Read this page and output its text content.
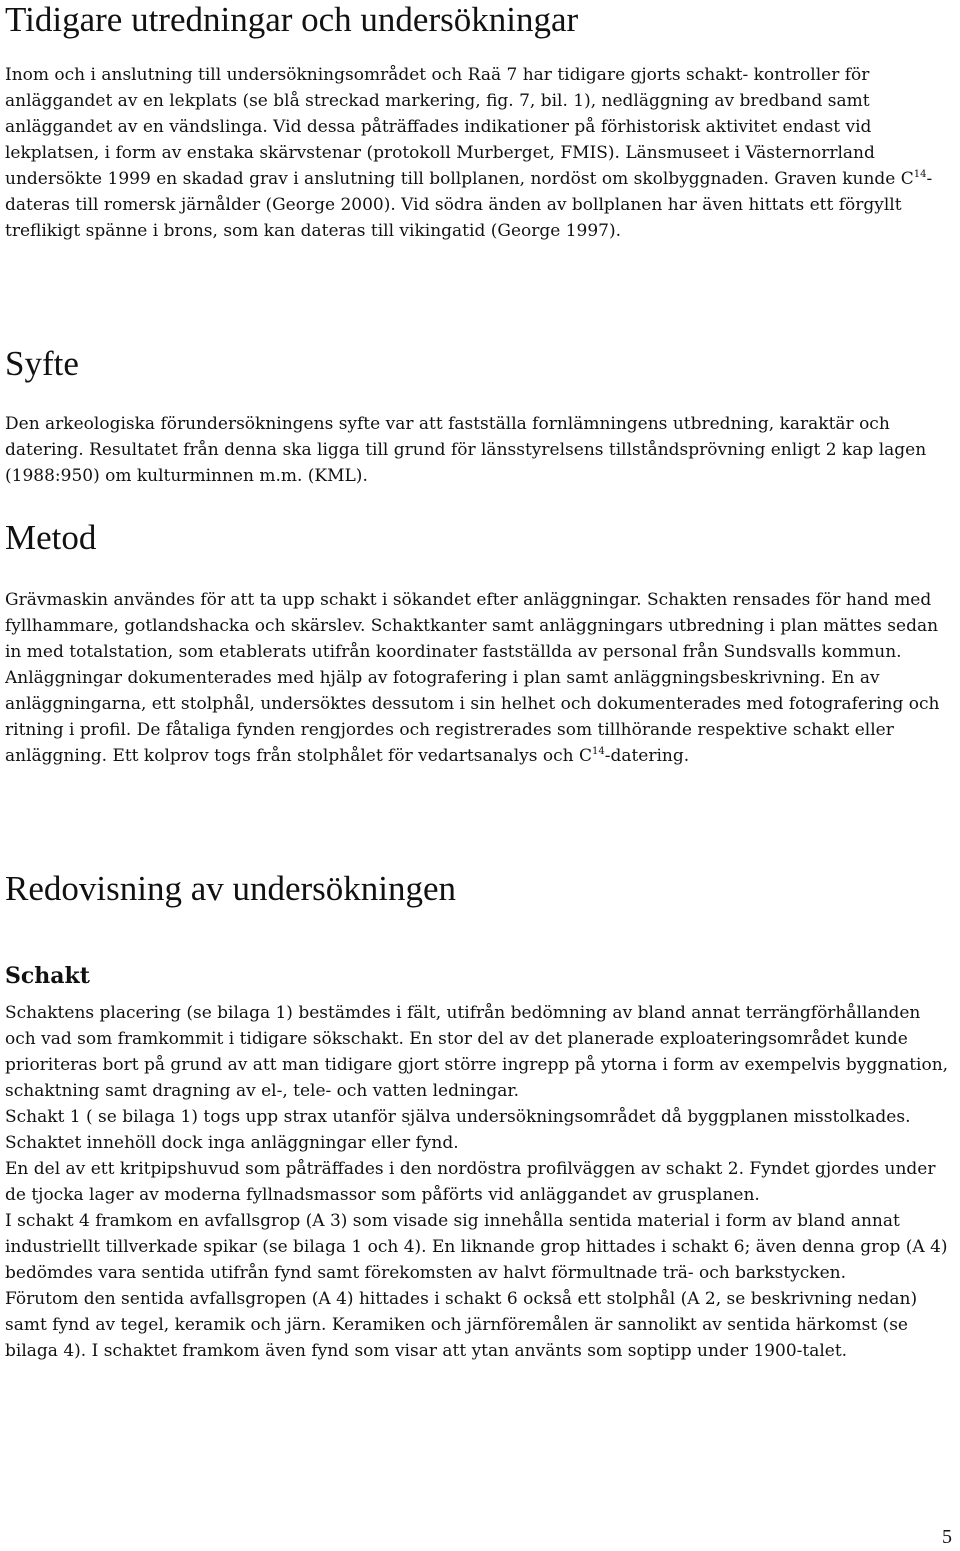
Tidigare utredningar och undersökningar

Inom och i anslutning till undersökningsområdet och Raä 7 har tidigare gjorts schakt- kontroller för anläggandet av en lekplats (se blå streckad markering, fig. 7, bil. 1), nedläggning av bredband samt anläggandet av en vändslinga. Vid dessa påträffades indikationer på förhistorisk aktivitet endast vid lekplatsen, i form av enstaka skärvstenar (protokoll Murberget, FMIS). Länsmuseet i Västernorrland undersökte 1999 en skadad grav i anslutning till bollplanen, nordöst om skolbyggnaden. Graven kunde $C^{14}$-dateras till romersk järnålder (George 2000). Vid södra änden av bollplanen har även hittats ett förgyllt treflikigt spänne i brons, som kan dateras till vikingatid (George 1997).

Syfte

Den arkeologiska förundersökningens syfte var att fastställa fornlämningens utbredning, karaktär och datering. Resultatet från denna ska ligga till grund för länsstyrelsens tillståndsprövning enligt 2 kap lagen (1988:950) om kulturminnen m.m. (KML).

Metod

Grävmaskin användes för att ta upp schakt i sökandet efter anläggningar. Schakten rensades för hand med fyllhammare, gotlandshacka och skärslev. Schaktkanter samt anläggningars utbredning i plan mättes sedan in med totalstation, som etablerats utifrån koordinater fastställda av personal från Sundsvalls kommun. Anläggningar dokumenterades med hjälp av fotografering i plan samt anläggningsbeskrivning. En av anläggningarna, ett stolphål, undersöktes dessutom i sin helhet och dokumenterades med fotografering och ritning i profil. De fåtaliga fynden rengjordes och registrerades som tillhörande respektive schakt eller anläggning. Ett kolprov togs från stolphålet för vedartsanalys och $C^{14}$-datering.

Redovisning av undersökningen
Schakt

Schaktens placering (se bilaga 1) bestämdes i fält, utifrån bedömning av bland annat terrängförhållanden och vad som framkommit i tidigare sökschakt. En stor del av det planerade exploateringsområdet kunde prioriteras bort på grund av att man tidigare gjort större ingrepp på ytorna i form av exempelvis byggnation, schaktning samt dragning av el-, tele- och vatten ledningar.

Schakt 1 ( se bilaga 1) togs upp strax utanför själva undersökningsområdet då byggplanen misstolkades. Schaktet innehöll dock inga anläggningar eller fynd.

En del av ett kritpipshuvud som påträffades i den nordöstra profilväggen av schakt 2. Fyndet gjordes under de tjocka lager av moderna fyllnadsmassor som påförts vid anläggandet av grusplanen.

I schakt 4 framkom en avfallsgrop (A 3) som visade sig innehålla sentida material i form av bland annat industriellt tillverkade spikar (se bilaga 1 och 4). En liknande grop hittades i schakt 6; även denna grop (A 4) bedömdes vara sentida utifrån fynd samt förekomsten av halvt förmultnade trä- och barkstycken.

Förutom den sentida avfallsgropen (A 4) hittades i schakt 6 också ett stolphål (A 2, se beskrivning nedan) samt fynd av tegel, keramik och järn. Keramiken och järnföremålen är sannolikt av sentida härkomst (se bilaga 4). I schaktet framkom även fynd som visar att ytan använts som soptipp under 1900-talet.

5
